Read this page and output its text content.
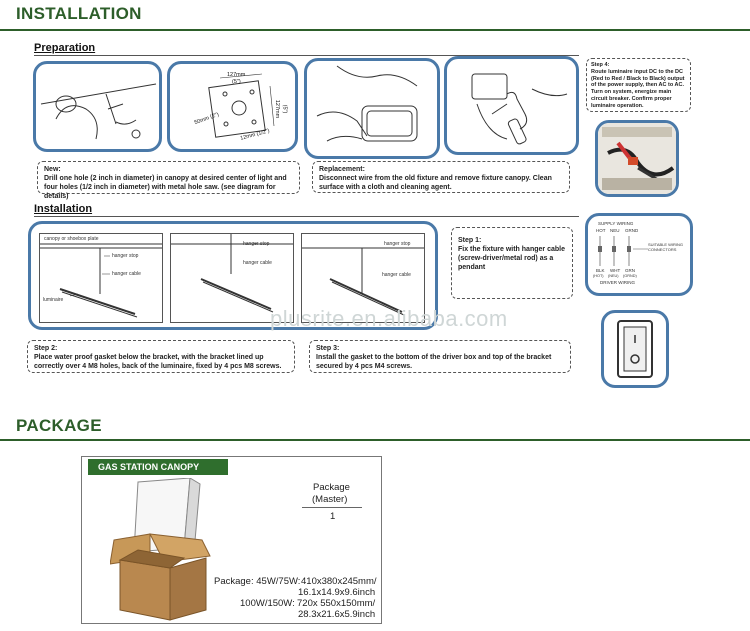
INSTALLATION
Preparation
127mm
(5")
50mm (2")
127mm (5")
12mm (1/2")
Step 4:
Route luminaire input DC to the DC (Red to Red / Black to Black) output of the power supply, then AC to AC. Turn on system, energize main circuit breaker. Confirm proper luminaire operation.
New:
Drill one hole (2 inch in diameter) in canopy at desired center of light and four holes (1/2 inch in diameter) with metal hole saw. (see diagram for details)
Replacement:
Disconnect wire from the old fixture and remove fixture canopy. Clean surface with a cloth and cleaning agent.
Installation
canopy or shoebox plate
hanger stop
hanger cable
luminaire
hanger stop
hanger cable
hanger stop
hanger cable
Step 1:
Fix the fixture with hanger cable (screw-driver/metal rod) as a pendant
SUPPLY WIRING
HOT NEU GRND
SUITABLE WIRING CONNECTORS
BLK WHT GRN
(HOT) (NEU) (GRND)
DRIVER WIRING
Step 2:
Place water proof gasket below the bracket, with the bracket lined up correctly over 4 M8 holes, back of the luminaire, fixed by 4 pcs M8 screws.
Step 3:
Install the gasket to the bottom of the driver box and top of the bracket secured by 4 pcs M4 screws.
plusrite.en.alibaba.com
PACKAGE
GAS STATION CANOPY
Package
(Master)
1
Package: 45W/75W: 410x380x245mm/
16.1x14.9x9.6inch
100W/150W: 720x 550x150mm/
28.3x21.6x5.9inch
